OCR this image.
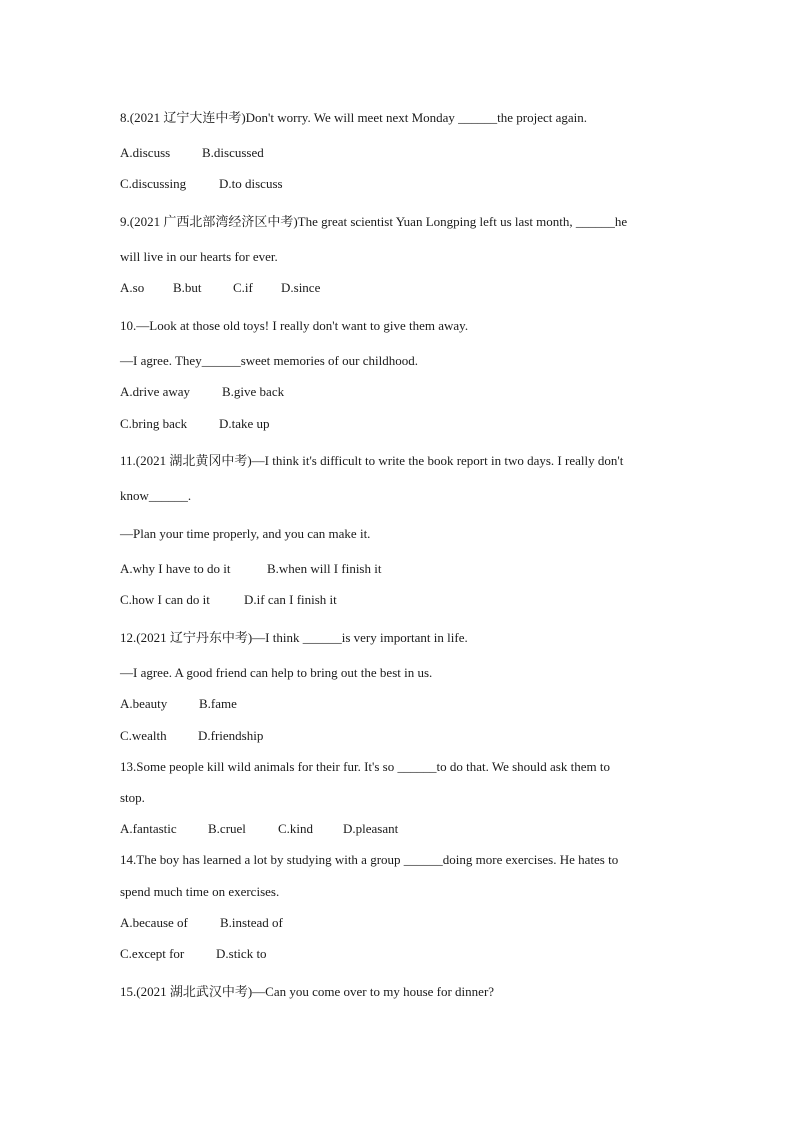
8.(2021 辽宁大连中考)Don't worry. We will meet next Monday ______the project again.
A.discuss B.discussed
C.discussing	D.to discuss
9.(2021 广西北部湾经济区中考)The great scientist Yuan Longping left us last month, ______he
will live in our hearts for ever.
A.so B.but C.if D.since
10.—Look at those old toys! I really don't want to give them away.
—I agree. They______sweet memories of our childhood.
A.drive away B.give back
C.bring back D.take up
11.(2021 湖北黄冈中考)—I think it's difficult to write the book report in two days. I really don't
know______.
—Plan your time properly, and you can make it.
A.why I have to do it	B.when will I finish it
C.how I can do it	D.if can I finish it
12.(2021 辽宁丹东中考)—I think ______is very important in life.
—I agree. A good friend can help to bring out the best in us.
A.beauty B.fame
C.wealth D.friendship
13.Some people kill wild animals for their fur. It's so ______to do that. We should ask them to
stop.
A.fantastic B.cruel C.kind D.pleasant
14.The boy has learned a lot by studying with a group ______doing more exercises. He hates to
spend much time on exercises.
A.because of B.instead of
C.except for D.stick to
15.(2021 湖北武汉中考)—Can you come over to my house for dinner?
